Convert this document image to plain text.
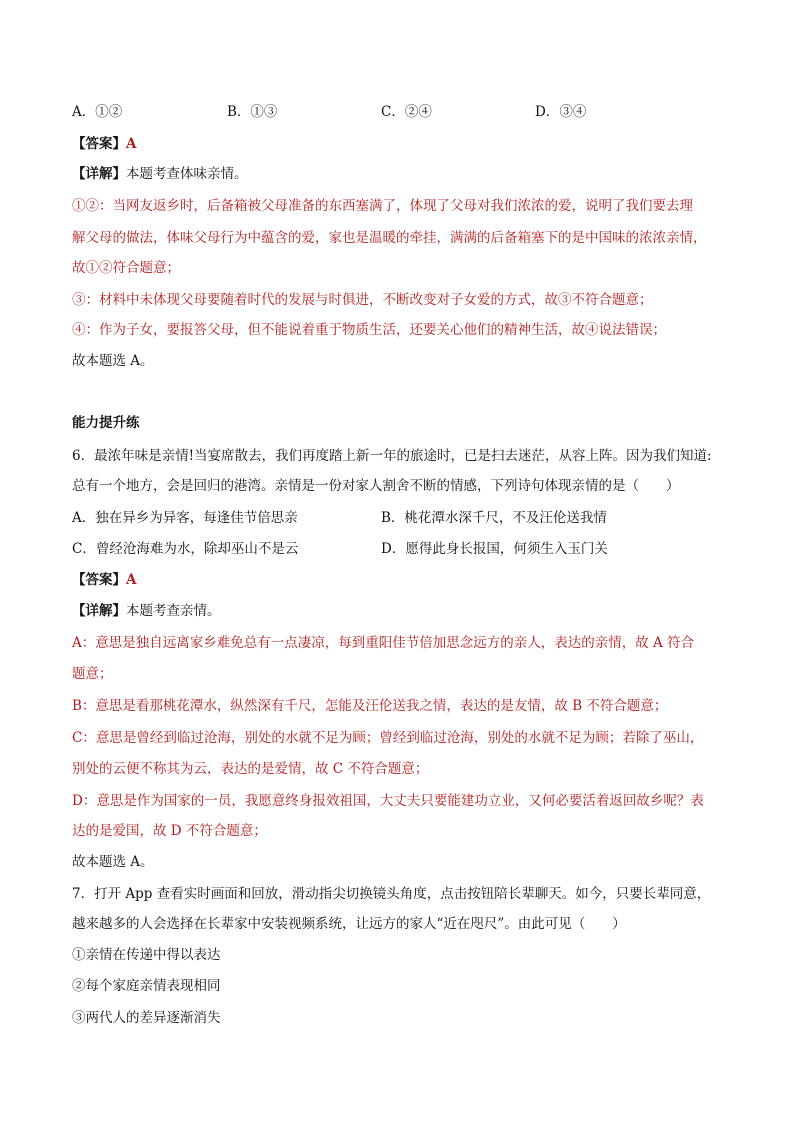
A．①②	B．①③	C．②④	D．③④
【答案】A
【详解】本题考查体味亲情。
①②：当网友返乡时，后备箱被父母准备的东西塞满了，体现了父母对我们浓浓的爱，说明了我们要去理
解父母的做法，体味父母行为中蕴含的爱，家也是温暖的牵挂，满满的后备箱塞下的是中国味的浓浓亲情，
故①②符合题意；
③：材料中未体现父母要随着时代的发展与时俱进，不断改变对子女爱的方式，故③不符合题意；
④：作为子女，要报答父母，但不能说着重于物质生活，还要关心他们的精神生活，故④说法错误；
故本题选 A。
能力提升练
6．最浓年味是亲情!当宴席散去，我们再度踏上新一年的旅途时，已是扫去迷茫，从容上阵。因为我们知道:
总有一个地方，会是回归的港湾。亲情是一份对家人割舍不断的情感，下列诗句体现亲情的是（　　）
A．独在异乡为异客，每逢佳节倍思亲	B．桃花潭水深千尺，不及汪伦送我情
C．曾经沧海难为水，除却巫山不是云	D．愿得此身长报国，何须生入玉门关
【答案】A
【详解】本题考查亲情。
A：意思是独自远离家乡难免总有一点凄凉，每到重阳佳节倍加思念远方的亲人，表达的亲情，故 A 符合
题意；
B：意思是看那桃花潭水，纵然深有千尺，怎能及汪伦送我之情，表达的是友情，故 B 不符合题意；
C：意思是曾经到临过沧海，别处的水就不足为顾；曾经到临过沧海，别处的水就不足为顾；若除了巫山，
别处的云便不称其为云，表达的是爱情，故 C 不符合题意；
D：意思是作为国家的一员，我愿意终身报效祖国，大丈夫只要能建功立业，又何必要活着返回故乡呢？表
达的是爱国，故 D 不符合题意；
故本题选 A。
7．打开 App 查看实时画面和回放，滑动指尖切换镜头角度，点击按钮陪长辈聊天。如今，只要长辈同意，
越来越多的人会选择在长辈家中安装视频系统，让远方的家人“近在咫尺”。由此可见（　　）
①亲情在传递中得以表达
②每个家庭亲情表现相同
③两代人的差异逐渐消失
